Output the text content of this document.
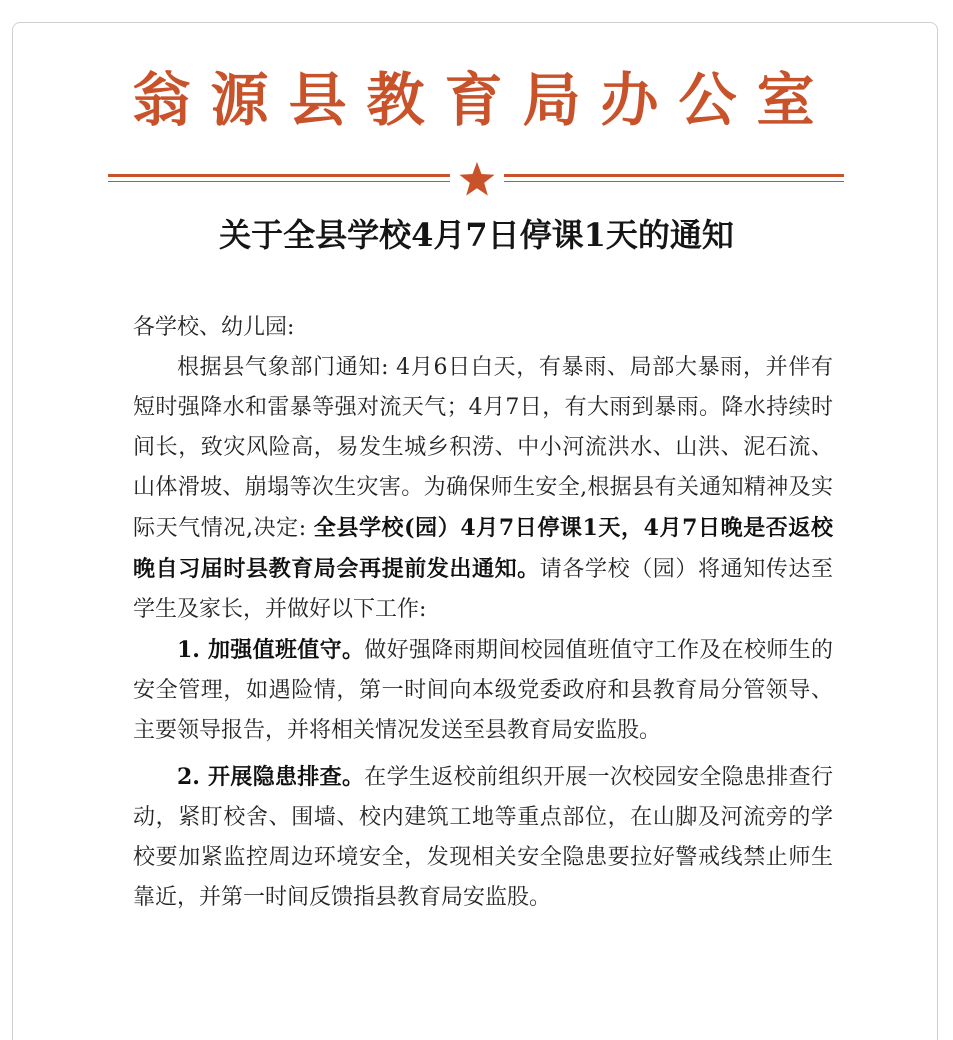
翁源县教育局办公室
关于全县学校4月7日停课1天的通知

各学校、幼儿园:

根据县气象部门通知: 4月6日白天，有暴雨、局部大暴雨，并伴有短时强降水和雷暴等强对流天气；4月7日，有大雨到暴雨。降水持续时间长，致灾风险高，易发生城乡积涝、中小河流洪水、山洪、泥石流、山体滑坡、崩塌等次生灾害。为确保师生安全,根据县有关通知精神及实际天气情况,决定: 全县学校(园）4月7日停课1天，4月7日晚是否返校晚自习届时县教育局会再提前发出通知。请各学校（园）将通知传达至学生及家长，并做好以下工作:

1. 加强值班值守。做好强降雨期间校园值班值守工作及在校师生的安全管理，如遇险情，第一时间向本级党委政府和县教育局分管领导、主要领导报告，并将相关情况发送至县教育局安监股。

2. 开展隐患排查。在学生返校前组织开展一次校园安全隐患排查行动，紧盯校舍、围墙、校内建筑工地等重点部位，在山脚及河流旁的学校要加紧监控周边环境安全，发现相关安全隐患要拉好警戒线禁止师生靠近，并第一时间反馈指县教育局安监股。
